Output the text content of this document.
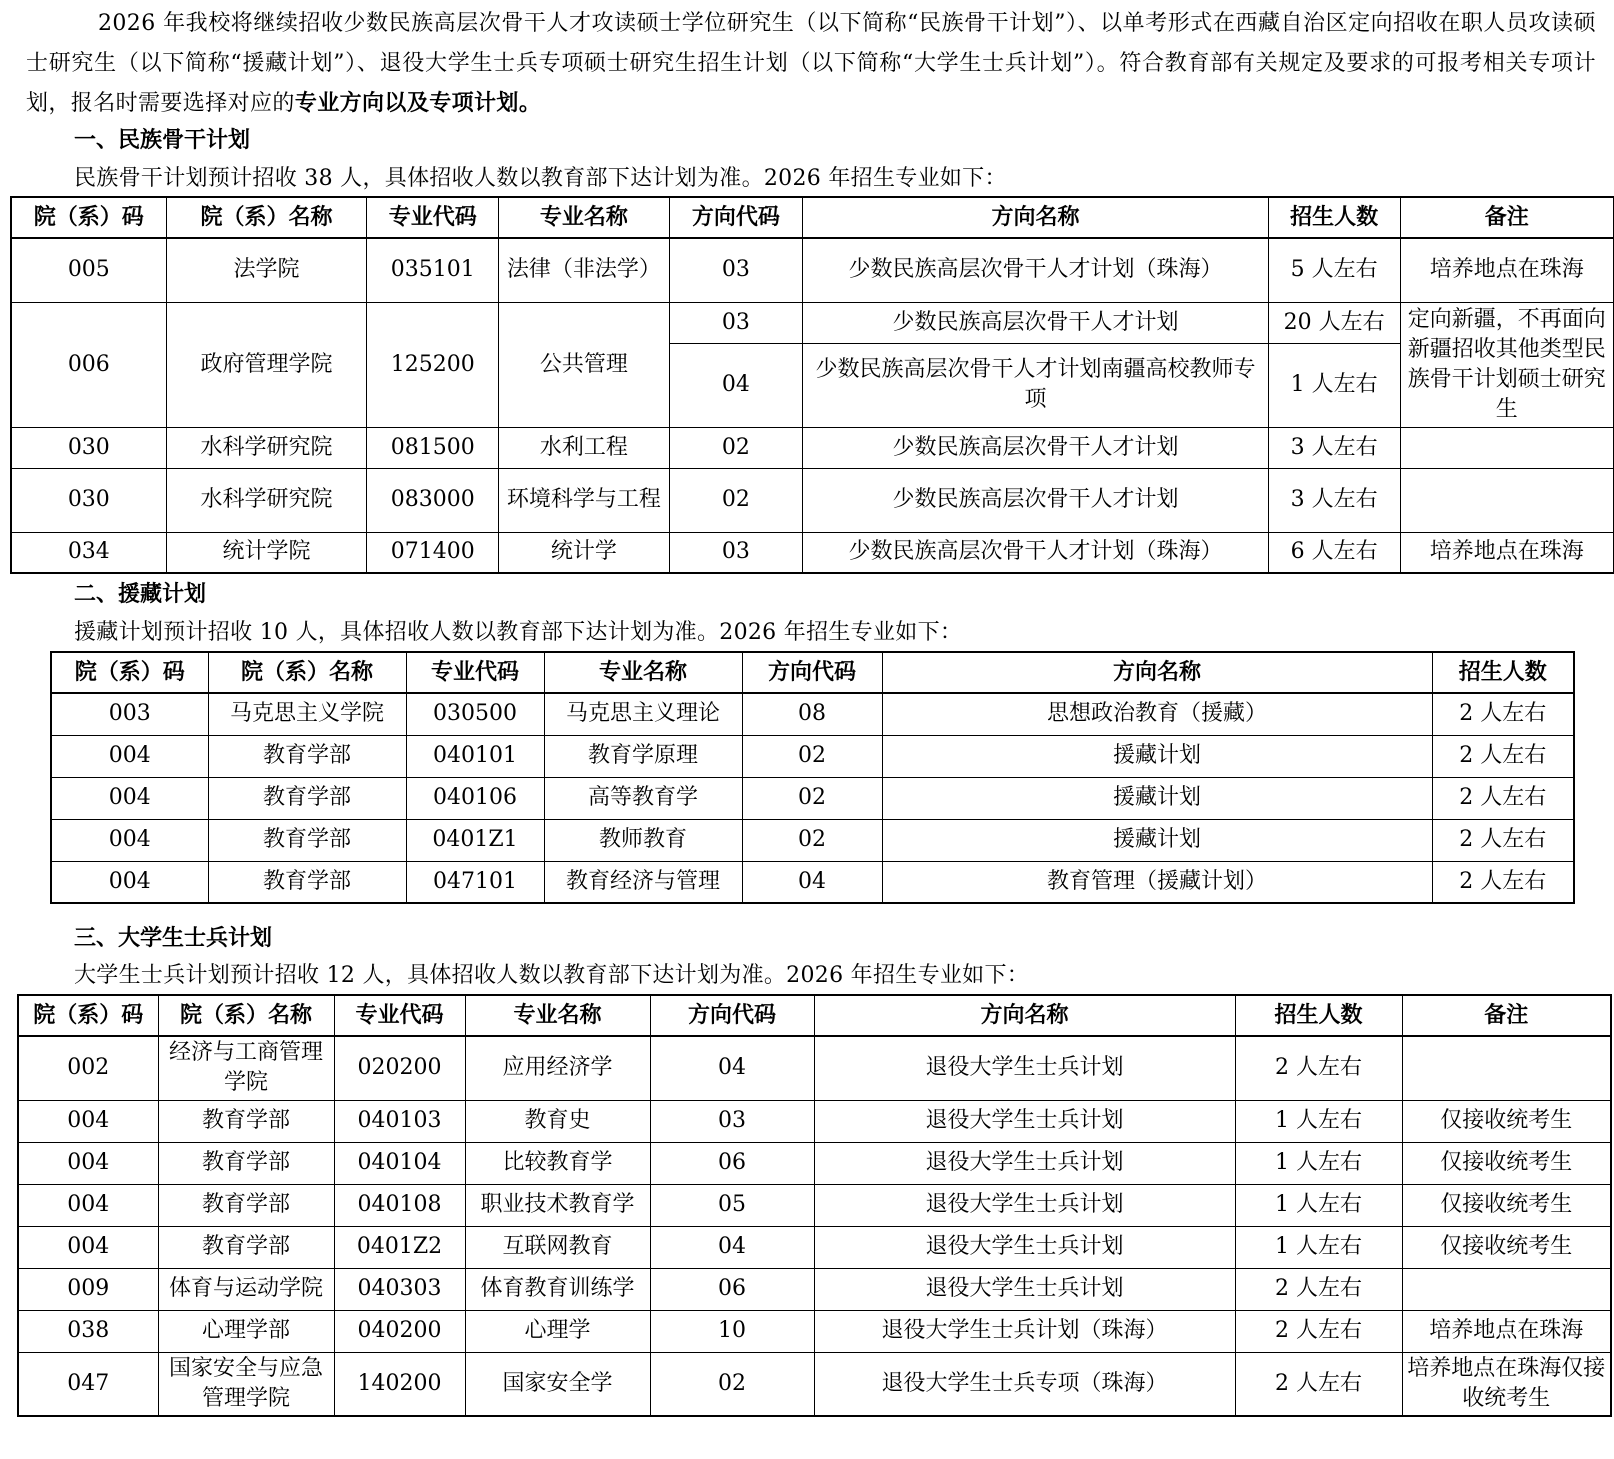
2026 年我校将继续招收少数民族高层次骨干人才攻读硕士学位研究生（以下简称“民族骨干计划”）、以单考形式在西藏自治区定向招收在职人员攻读硕士研究生（以下简称“援藏计划”）、退役大学生士兵专项硕士研究生招生计划（以下简称“大学生士兵计划”）。符合教育部有关规定及要求的可报考相关专项计划，报名时需要选择对应的专业方向以及专项计划。

一、民族骨干计划
民族骨干计划预计招收 38 人，具体招收人数以教育部下达计划为准。2026 年招生专业如下：
院（系）码	院（系）名称	专业代码	专业名称	方向代码	方向名称	招生人数	备注
005	法学院	035101	法律（非法学）	03	少数民族高层次骨干人才计划（珠海）	5 人左右	培养地点在珠海
006	政府管理学院	125200	公共管理	03	少数民族高层次骨干人才计划	20 人左右	定向新疆，不再面向新疆招收其他类型民族骨干计划硕士研究生
				04	少数民族高层次骨干人才计划南疆高校教师专项	1 人左右	
030	水科学研究院	081500	水利工程	02	少数民族高层次骨干人才计划	3 人左右	
030	水科学研究院	083000	环境科学与工程	02	少数民族高层次骨干人才计划	3 人左右	
034	统计学院	071400	统计学	03	少数民族高层次骨干人才计划（珠海）	6 人左右	培养地点在珠海
二、援藏计划
援藏计划预计招收 10 人，具体招收人数以教育部下达计划为准。2026 年招生专业如下：
院（系）码	院（系）名称	专业代码	专业名称	方向代码	方向名称	招生人数
003	马克思主义学院	030500	马克思主义理论	08	思想政治教育（援藏）	2 人左右
004	教育学部	040101	教育学原理	02	援藏计划	2 人左右
004	教育学部	040106	高等教育学	02	援藏计划	2 人左右
004	教育学部	0401Z1	教师教育	02	援藏计划	2 人左右
004	教育学部	047101	教育经济与管理	04	教育管理（援藏计划）	2 人左右
三、大学生士兵计划
大学生士兵计划预计招收 12 人，具体招收人数以教育部下达计划为准。2026 年招生专业如下：
院（系）码	院（系）名称	专业代码	专业名称	方向代码	方向名称	招生人数	备注
002	经济与工商管理学院	020200	应用经济学	04	退役大学生士兵计划	2 人左右	
004	教育学部	040103	教育史	03	退役大学生士兵计划	1 人左右	仅接收统考生
004	教育学部	040104	比较教育学	06	退役大学生士兵计划	1 人左右	仅接收统考生
004	教育学部	040108	职业技术教育学	05	退役大学生士兵计划	1 人左右	仅接收统考生
004	教育学部	0401Z2	互联网教育	04	退役大学生士兵计划	1 人左右	仅接收统考生
009	体育与运动学院	040303	体育教育训练学	06	退役大学生士兵计划	2 人左右	
038	心理学部	040200	心理学	10	退役大学生士兵计划（珠海）	2 人左右	培养地点在珠海
047	国家安全与应急管理学院	140200	国家安全学	02	退役大学生士兵专项（珠海）	2 人左右	培养地点在珠海仅接收统考生
